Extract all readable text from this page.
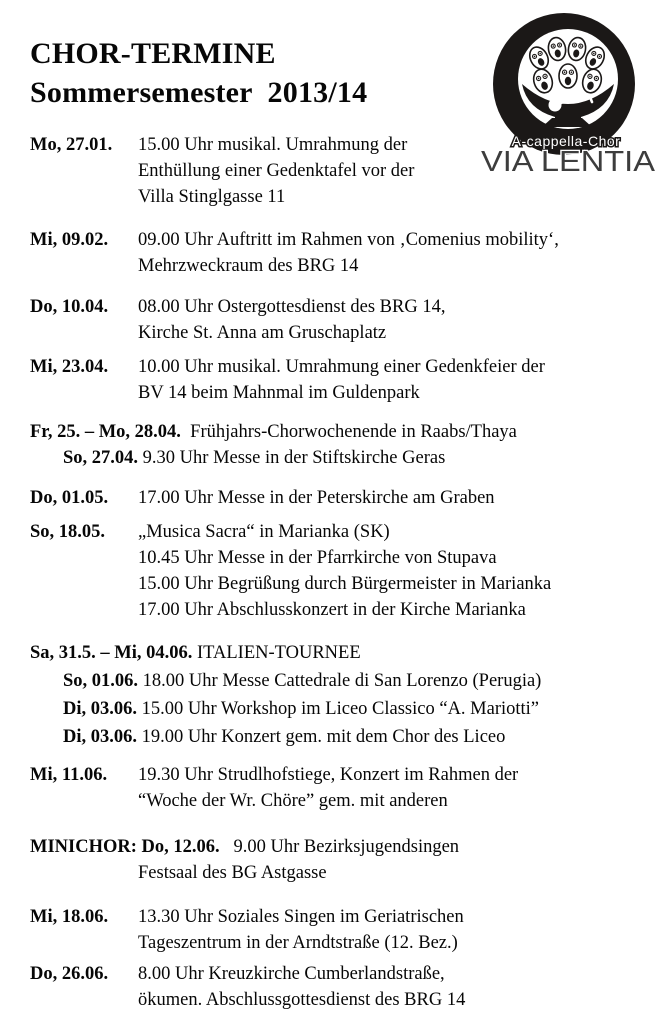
CHOR-TERMINE
Sommersemester  2013/14
A-cappella-Chor
VIA LENTIA
Mo, 27.01.	15.00 Uhr musikal. Umrahmung der
Enthüllung einer Gedenktafel vor der
Villa Stinglgasse 11
Mi, 09.02.	09.00 Uhr Auftritt im Rahmen von ‚Comenius mobility‘,
Mehrzweckraum des BRG 14
Do, 10.04.	08.00 Uhr Ostergottesdienst des BRG 14,
Kirche St. Anna am Gruschaplatz
Mi, 23.04.	10.00 Uhr musikal. Umrahmung einer Gedenkfeier der
BV 14 beim Mahnmal im Guldenpark
Fr, 25. – Mo, 28.04.  Frühjahrs-Chorwochenende in Raabs/Thaya
So, 27.04. 9.30 Uhr Messe in der Stiftskirche Geras
Do, 01.05.	17.00 Uhr Messe in der Peterskirche am Graben
So, 18.05.	„Musica Sacra“ in Marianka (SK)
10.45 Uhr Messe in der Pfarrkirche von Stupava
15.00 Uhr Begrüßung durch Bürgermeister in Marianka
17.00 Uhr Abschlusskonzert in der Kirche Marianka
Sa, 31.5. – Mi, 04.06. ITALIEN-TOURNEE
So, 01.06. 18.00 Uhr Messe Cattedrale di San Lorenzo (Perugia)
Di, 03.06. 15.00 Uhr Workshop im Liceo Classico “A. Mariotti”
Di, 03.06. 19.00 Uhr Konzert gem. mit dem Chor des Liceo
Mi, 11.06.	19.30 Uhr Strudlhofstiege, Konzert im Rahmen der
“Woche der Wr. Chöre” gem. mit anderen
MINICHOR: Do, 12.06.   9.00 Uhr Bezirksjugendsingen
Festsaal des BG Astgasse
Mi, 18.06.	13.30 Uhr Soziales Singen im Geriatrischen
Tageszentrum in der Arndtstraße (12. Bez.)
Do, 26.06.	8.00 Uhr Kreuzkirche Cumberlandstraße,
ökumen. Abschlussgottesdienst des BRG 14
